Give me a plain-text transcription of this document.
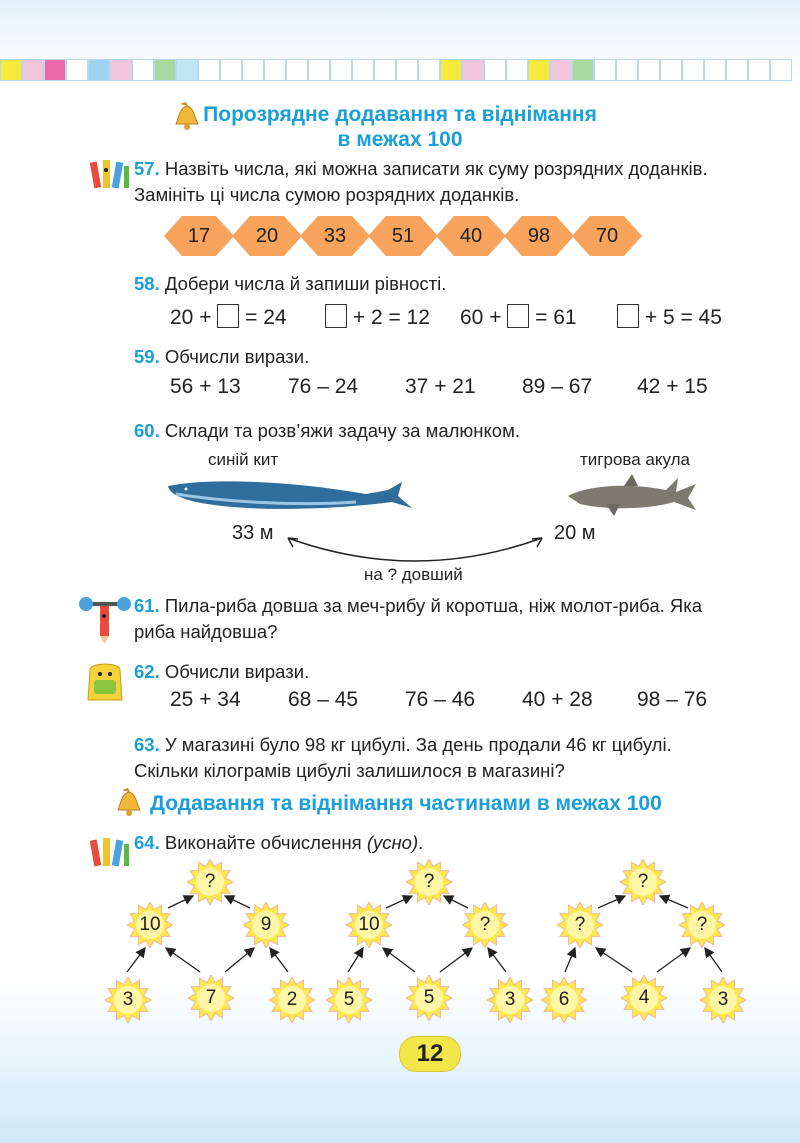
Порозрядне додавання та віднімання
в межах 100
57. Назвіть числа, які можна записати як суму розрядних доданків. Замініть ці числа сумою розрядних доданків.
17	20	33	51	40	98	70
58. Добери числа й запиши рівності.
20 + = 24	+ 2 = 12 60 + = 61	+ 5 = 45
59. Обчисли вирази.
56 + 13 76 – 24 37 + 21 89 – 67 42 + 15
60. Склади та розв’яжи задачу за малюнком.
синій кит	тигрова акула
33 м	20 м
на ? довший
61. Пила-риба довша за меч-рибу й коротша, ніж молот-риба. Яка риба найдовша?
62. Обчисли вирази.
25 + 34 68 – 45 76 – 46 40 + 28 98 – 76
63. У магазині було 98 кг цибулі. За день продали 46 кг цибулі. Скільки кілограмів цибулі залишилося в магазині?
Додавання та віднімання частинами в межах 100
64. Виконайте обчислення (усно).
?
10	9
3	7	2
?
10	?
5	5	3
?
?	?
6	4	3
12
